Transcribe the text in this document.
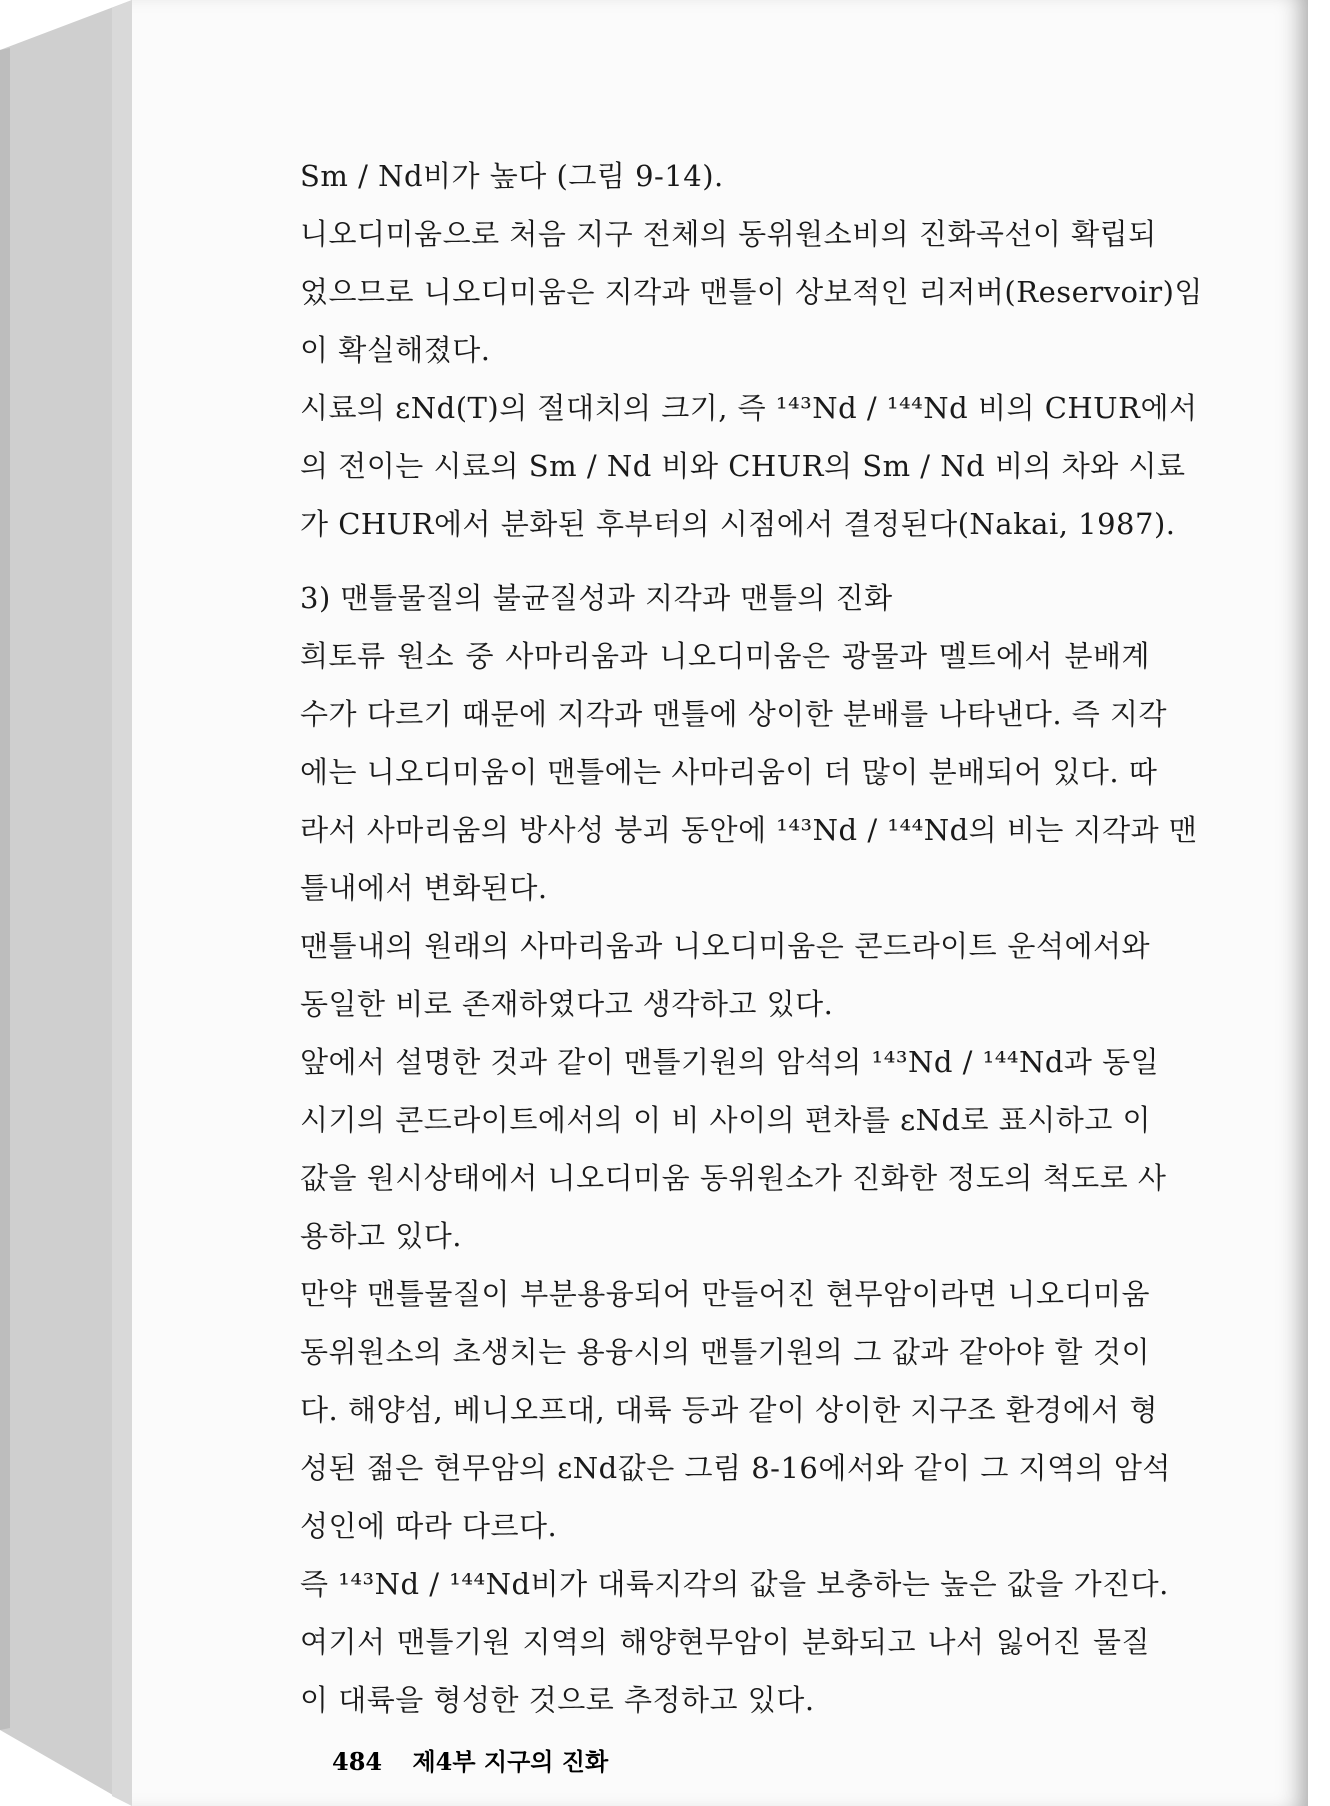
Sm / Nd비가 높다 (그림 9-14).
니오디미움으로 처음 지구 전체의 동위원소비의 진화곡선이 확립되
었으므로 니오디미움은 지각과 맨틀이 상보적인 리저버(Reservoir)임
이 확실해졌다.
시료의 εNd(T)의 절대치의 크기, 즉 ¹⁴³Nd / ¹⁴⁴Nd 비의 CHUR에서
의 전이는 시료의 Sm / Nd 비와 CHUR의 Sm / Nd 비의 차와 시료
가 CHUR에서 분화된 후부터의 시점에서 결정된다(Nakai, 1987).
3) 맨틀물질의 불균질성과 지각과 맨틀의 진화
희토류 원소 중 사마리움과 니오디미움은 광물과 멜트에서 분배계
수가 다르기 때문에 지각과 맨틀에 상이한 분배를 나타낸다. 즉 지각
에는 니오디미움이 맨틀에는 사마리움이 더 많이 분배되어 있다. 따
라서 사마리움의 방사성 붕괴 동안에 ¹⁴³Nd / ¹⁴⁴Nd의 비는 지각과 맨
틀내에서 변화된다.
맨틀내의 원래의 사마리움과 니오디미움은 콘드라이트 운석에서와
동일한 비로 존재하였다고 생각하고 있다.
앞에서 설명한 것과 같이 맨틀기원의 암석의 ¹⁴³Nd / ¹⁴⁴Nd과 동일
시기의 콘드라이트에서의 이 비 사이의 편차를 εNd로 표시하고 이
값을 원시상태에서 니오디미움 동위원소가 진화한 정도의 척도로 사
용하고 있다.
만약 맨틀물질이 부분용융되어 만들어진 현무암이라면 니오디미움
동위원소의 초생치는 용융시의 맨틀기원의 그 값과 같아야 할 것이
다. 해양섬, 베니오프대, 대륙 등과 같이 상이한 지구조 환경에서 형
성된 젊은 현무암의 εNd값은 그림 8-16에서와 같이 그 지역의 암석
성인에 따라 다르다.
즉 ¹⁴³Nd / ¹⁴⁴Nd비가 대륙지각의 값을 보충하는 높은 값을 가진다.
여기서 맨틀기원 지역의 해양현무암이 분화되고 나서 잃어진 물질
이 대륙을 형성한 것으로 추정하고 있다.
484 제4부 지구의 진화
